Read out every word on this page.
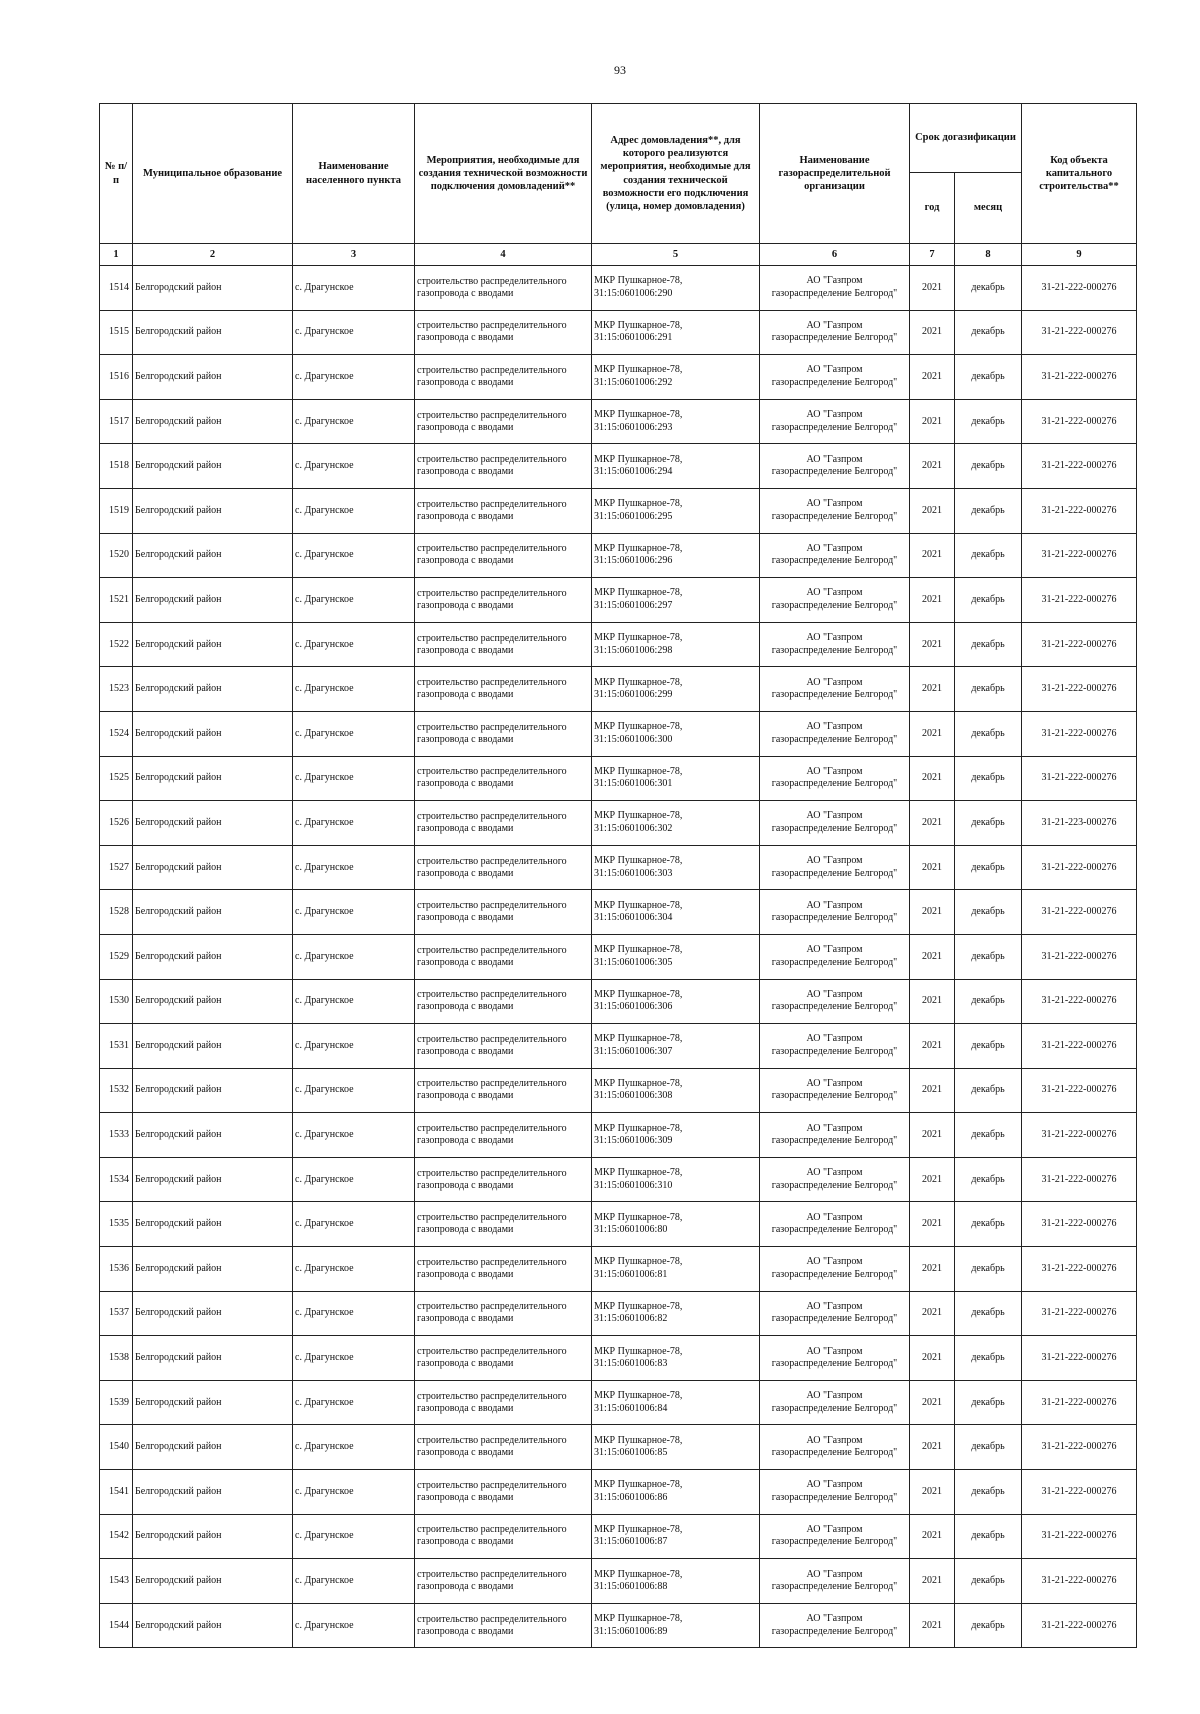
93
№ п/п	Муниципальное образование	Наименование населенного пункта	Мероприятия, необходимые для создания технической возможности подключения домовладений**	Адрес домовладения**, для которого реализуются мероприятия, необходимые для создания технической возможности его подключения (улица, номер домовладения)	Наименование газораспределительной организации	Срок догазификации		Код объекта капитального строительства**
						год	месяц	
1	2	3	4	5	6	7	8	9
1514	Белгородский район	с. Драгунское	строительство распределительного газопровода с вводами	МКР Пушкарное-78,
31:15:0601006:290	АО "Газпром
газораспределение Белгород"	2021	декабрь	31-21-222-000276
1515	Белгородский район	с. Драгунское	строительство распределительного газопровода с вводами	МКР Пушкарное-78,
31:15:0601006:291	АО "Газпром
газораспределение Белгород"	2021	декабрь	31-21-222-000276
1516	Белгородский район	с. Драгунское	строительство распределительного газопровода с вводами	МКР Пушкарное-78,
31:15:0601006:292	АО "Газпром
газораспределение Белгород"	2021	декабрь	31-21-222-000276
1517	Белгородский район	с. Драгунское	строительство распределительного газопровода с вводами	МКР Пушкарное-78,
31:15:0601006:293	АО "Газпром
газораспределение Белгород"	2021	декабрь	31-21-222-000276
1518	Белгородский район	с. Драгунское	строительство распределительного газопровода с вводами	МКР Пушкарное-78,
31:15:0601006:294	АО "Газпром
газораспределение Белгород"	2021	декабрь	31-21-222-000276
1519	Белгородский район	с. Драгунское	строительство распределительного газопровода с вводами	МКР Пушкарное-78,
31:15:0601006:295	АО "Газпром
газораспределение Белгород"	2021	декабрь	31-21-222-000276
1520	Белгородский район	с. Драгунское	строительство распределительного газопровода с вводами	МКР Пушкарное-78,
31:15:0601006:296	АО "Газпром
газораспределение Белгород"	2021	декабрь	31-21-222-000276
1521	Белгородский район	с. Драгунское	строительство распределительного газопровода с вводами	МКР Пушкарное-78,
31:15:0601006:297	АО "Газпром
газораспределение Белгород"	2021	декабрь	31-21-222-000276
1522	Белгородский район	с. Драгунское	строительство распределительного газопровода с вводами	МКР Пушкарное-78,
31:15:0601006:298	АО "Газпром
газораспределение Белгород"	2021	декабрь	31-21-222-000276
1523	Белгородский район	с. Драгунское	строительство распределительного газопровода с вводами	МКР Пушкарное-78,
31:15:0601006:299	АО "Газпром
газораспределение Белгород"	2021	декабрь	31-21-222-000276
1524	Белгородский район	с. Драгунское	строительство распределительного газопровода с вводами	МКР Пушкарное-78,
31:15:0601006:300	АО "Газпром
газораспределение Белгород"	2021	декабрь	31-21-222-000276
1525	Белгородский район	с. Драгунское	строительство распределительного газопровода с вводами	МКР Пушкарное-78,
31:15:0601006:301	АО "Газпром
газораспределение Белгород"	2021	декабрь	31-21-222-000276
1526	Белгородский район	с. Драгунское	строительство распределительного газопровода с вводами	МКР Пушкарное-78,
31:15:0601006:302	АО "Газпром
газораспределение Белгород"	2021	декабрь	31-21-223-000276
1527	Белгородский район	с. Драгунское	строительство распределительного газопровода с вводами	МКР Пушкарное-78,
31:15:0601006:303	АО "Газпром
газораспределение Белгород"	2021	декабрь	31-21-222-000276
1528	Белгородский район	с. Драгунское	строительство распределительного газопровода с вводами	МКР Пушкарное-78,
31:15:0601006:304	АО "Газпром
газораспределение Белгород"	2021	декабрь	31-21-222-000276
1529	Белгородский район	с. Драгунское	строительство распределительного газопровода с вводами	МКР Пушкарное-78,
31:15:0601006:305	АО "Газпром
газораспределение Белгород"	2021	декабрь	31-21-222-000276
1530	Белгородский район	с. Драгунское	строительство распределительного газопровода с вводами	МКР Пушкарное-78,
31:15:0601006:306	АО "Газпром
газораспределение Белгород"	2021	декабрь	31-21-222-000276
1531	Белгородский район	с. Драгунское	строительство распределительного газопровода с вводами	МКР Пушкарное-78,
31:15:0601006:307	АО "Газпром
газораспределение Белгород"	2021	декабрь	31-21-222-000276
1532	Белгородский район	с. Драгунское	строительство распределительного газопровода с вводами	МКР Пушкарное-78,
31:15:0601006:308	АО "Газпром
газораспределение Белгород"	2021	декабрь	31-21-222-000276
1533	Белгородский район	с. Драгунское	строительство распределительного газопровода с вводами	МКР Пушкарное-78,
31:15:0601006:309	АО "Газпром
газораспределение Белгород"	2021	декабрь	31-21-222-000276
1534	Белгородский район	с. Драгунское	строительство распределительного газопровода с вводами	МКР Пушкарное-78,
31:15:0601006:310	АО "Газпром
газораспределение Белгород"	2021	декабрь	31-21-222-000276
1535	Белгородский район	с. Драгунское	строительство распределительного газопровода с вводами	МКР Пушкарное-78,
31:15:0601006:80	АО "Газпром
газораспределение Белгород"	2021	декабрь	31-21-222-000276
1536	Белгородский район	с. Драгунское	строительство распределительного газопровода с вводами	МКР Пушкарное-78,
31:15:0601006:81	АО "Газпром
газораспределение Белгород"	2021	декабрь	31-21-222-000276
1537	Белгородский район	с. Драгунское	строительство распределительного газопровода с вводами	МКР Пушкарное-78,
31:15:0601006:82	АО "Газпром
газораспределение Белгород"	2021	декабрь	31-21-222-000276
1538	Белгородский район	с. Драгунское	строительство распределительного газопровода с вводами	МКР Пушкарное-78,
31:15:0601006:83	АО "Газпром
газораспределение Белгород"	2021	декабрь	31-21-222-000276
1539	Белгородский район	с. Драгунское	строительство распределительного газопровода с вводами	МКР Пушкарное-78,
31:15:0601006:84	АО "Газпром
газораспределение Белгород"	2021	декабрь	31-21-222-000276
1540	Белгородский район	с. Драгунское	строительство распределительного газопровода с вводами	МКР Пушкарное-78,
31:15:0601006:85	АО "Газпром
газораспределение Белгород"	2021	декабрь	31-21-222-000276
1541	Белгородский район	с. Драгунское	строительство распределительного газопровода с вводами	МКР Пушкарное-78,
31:15:0601006:86	АО "Газпром
газораспределение Белгород"	2021	декабрь	31-21-222-000276
1542	Белгородский район	с. Драгунское	строительство распределительного газопровода с вводами	МКР Пушкарное-78,
31:15:0601006:87	АО "Газпром
газораспределение Белгород"	2021	декабрь	31-21-222-000276
1543	Белгородский район	с. Драгунское	строительство распределительного газопровода с вводами	МКР Пушкарное-78,
31:15:0601006:88	АО "Газпром
газораспределение Белгород"	2021	декабрь	31-21-222-000276
1544	Белгородский район	с. Драгунское	строительство распределительного газопровода с вводами	МКР Пушкарное-78,
31:15:0601006:89	АО "Газпром
газораспределение Белгород"	2021	декабрь	31-21-222-000276
